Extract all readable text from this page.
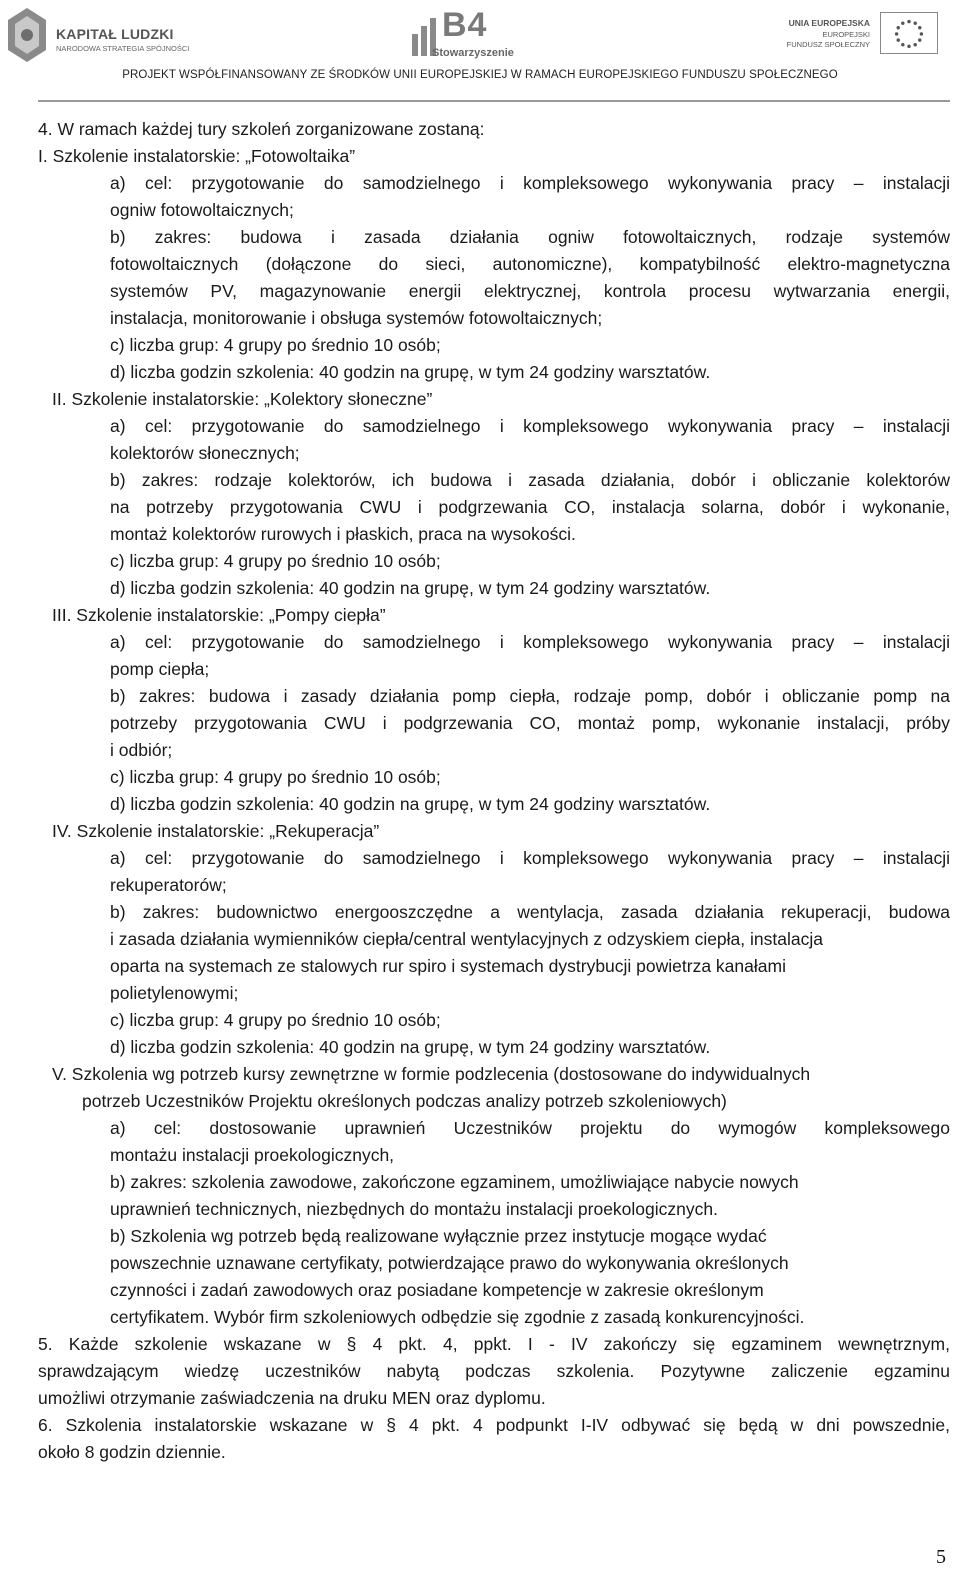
KAPITAŁ LUDZKI
NARODOWA STRATEGIA SPÓJNOŚCI
B4
Stowarzyszenie
UNIA EUROPEJSKA
EUROPEJSKI
FUNDUSZ SPOŁECZNY
PROJEKT WSPÓŁFINANSOWANY ZE ŚRODKÓW UNII EUROPEJSKIEJ W RAMACH EUROPEJSKIEGO FUNDUSZU SPOŁECZNEGO
4. W ramach każdej tury szkoleń zorganizowane zostaną:
I. Szkolenie instalatorskie: „Fotowoltaika”
a) cel: przygotowanie do samodzielnego i kompleksowego wykonywania pracy – instalacji
ogniw fotowoltaicznych;
b) zakres: budowa i zasada działania ogniw fotowoltaicznych, rodzaje systemów
fotowoltaicznych (dołączone do sieci, autonomiczne), kompatybilność elektro-magnetyczna
systemów PV, magazynowanie energii elektrycznej, kontrola procesu wytwarzania energii,
instalacja, monitorowanie i obsługa systemów fotowoltaicznych;
c) liczba grup: 4 grupy po średnio 10 osób;
d) liczba godzin szkolenia: 40 godzin na grupę, w tym 24 godziny warsztatów.
II. Szkolenie instalatorskie: „Kolektory słoneczne”
a) cel: przygotowanie do samodzielnego i kompleksowego wykonywania pracy – instalacji
kolektorów słonecznych;
b) zakres: rodzaje kolektorów, ich budowa i zasada działania, dobór i obliczanie kolektorów
na potrzeby przygotowania CWU i podgrzewania CO, instalacja solarna, dobór i wykonanie,
montaż kolektorów rurowych i płaskich, praca na wysokości.
c) liczba grup: 4 grupy po średnio 10 osób;
d) liczba godzin szkolenia: 40 godzin na grupę, w tym 24 godziny warsztatów.
III. Szkolenie instalatorskie: „Pompy ciepła”
a) cel: przygotowanie do samodzielnego i kompleksowego wykonywania pracy – instalacji
pomp ciepła;
b) zakres: budowa i zasady działania pomp ciepła, rodzaje pomp, dobór i obliczanie pomp na
potrzeby przygotowania CWU i podgrzewania CO, montaż pomp, wykonanie instalacji, próby
i odbiór;
c) liczba grup: 4 grupy po średnio 10 osób;
d) liczba godzin szkolenia: 40 godzin na grupę, w tym 24 godziny warsztatów.
IV. Szkolenie instalatorskie: „Rekuperacja”
a) cel: przygotowanie do samodzielnego i kompleksowego wykonywania pracy – instalacji
rekuperatorów;
b) zakres: budownictwo energooszczędne a wentylacja, zasada działania rekuperacji, budowa
i zasada działania wymienników ciepła/central wentylacyjnych z odzyskiem ciepła, instalacja
oparta na systemach ze stalowych rur spiro i systemach dystrybucji powietrza kanałami
polietylenowymi;
c) liczba grup: 4 grupy po średnio 10 osób;
d) liczba godzin szkolenia: 40 godzin na grupę, w tym 24 godziny warsztatów.
V. Szkolenia wg potrzeb kursy zewnętrzne w formie podzlecenia (dostosowane do indywidualnych
potrzeb Uczestników Projektu określonych podczas analizy potrzeb szkoleniowych)
a) cel: dostosowanie uprawnień Uczestników projektu do wymogów kompleksowego
montażu instalacji proekologicznych,
b) zakres: szkolenia zawodowe, zakończone egzaminem, umożliwiające nabycie nowych
uprawnień technicznych, niezbędnych do montażu instalacji proekologicznych.
b) Szkolenia wg potrzeb będą realizowane wyłącznie przez instytucje mogące wydać
powszechnie uznawane certyfikaty, potwierdzające prawo do wykonywania określonych
czynności i zadań zawodowych oraz posiadane kompetencje w zakresie określonym
certyfikatem. Wybór firm szkoleniowych odbędzie się zgodnie z zasadą konkurencyjności.
5. Każde szkolenie wskazane w § 4 pkt. 4, ppkt. I - IV zakończy się egzaminem wewnętrznym,
sprawdzającym wiedzę uczestników nabytą podczas szkolenia. Pozytywne zaliczenie egzaminu
umożliwi otrzymanie zaświadczenia na druku MEN oraz dyplomu.
6. Szkolenia instalatorskie wskazane w § 4 pkt. 4 podpunkt I-IV odbywać się będą w dni powszednie,
około 8 godzin dziennie.
5
